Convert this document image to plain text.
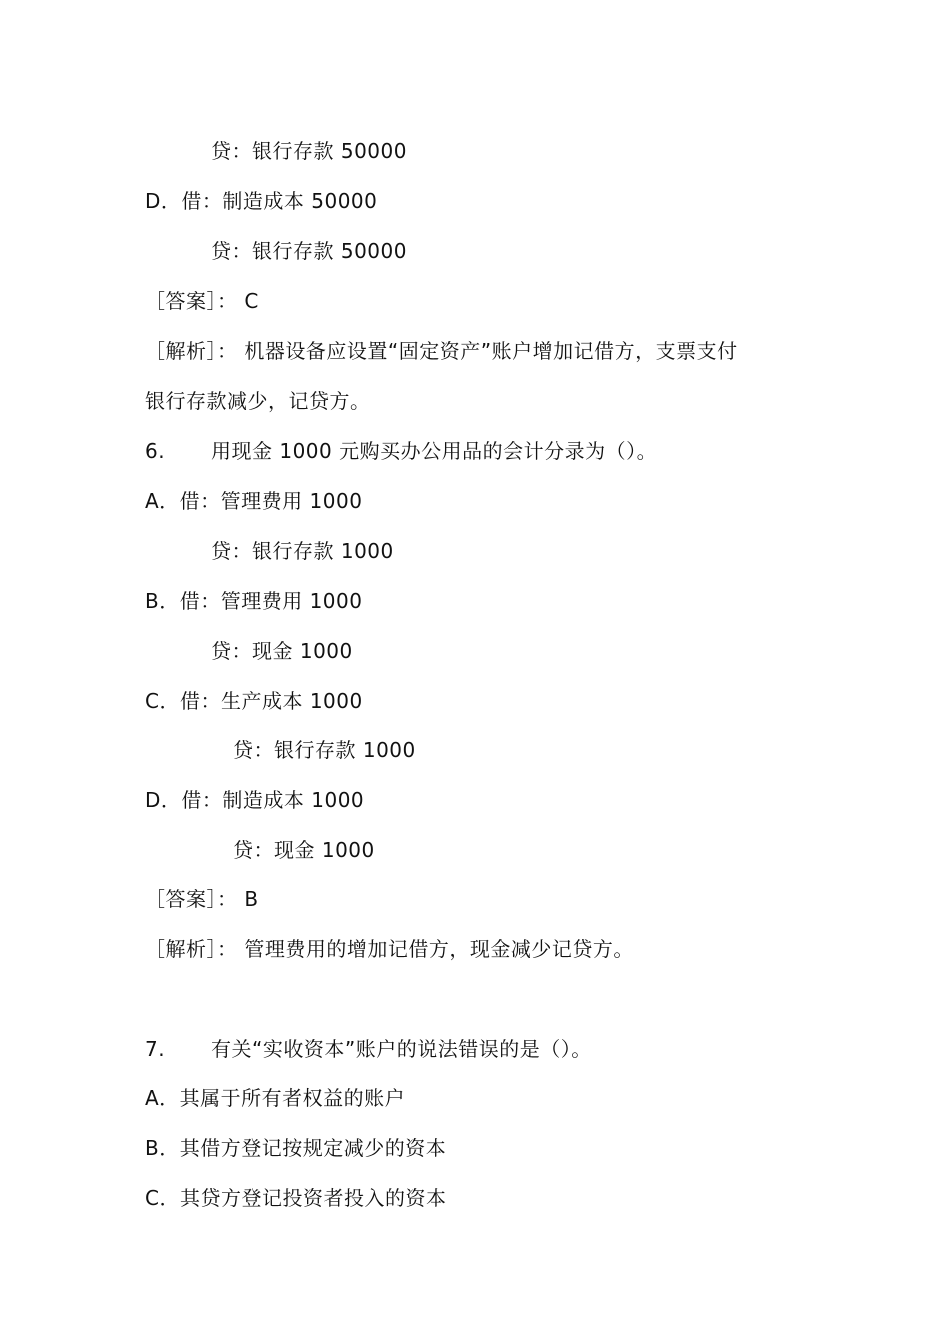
贷：银行存款 50000
D．借：制造成本 50000
贷：银行存款 50000
［答案］： C
［解析］： 机器设备应设置“固定资产”账户增加记借方，支票支付
银行存款减少，记贷方。
6. 用现金 1000 元购买办公用品的会计分录为（）。
A．借：管理费用 1000
贷：银行存款 1000
B．借：管理费用 1000
贷：现金 1000
C．借：生产成本 1000
贷：银行存款 1000
D．借：制造成本 1000
贷：现金 1000
［答案］： B
［解析］： 管理费用的增加记借方，现金减少记贷方。
7. 有关“实收资本”账户的说法错误的是（）。
A．其属于所有者权益的账户
B．其借方登记按规定减少的资本
C．其贷方登记投资者投入的资本
